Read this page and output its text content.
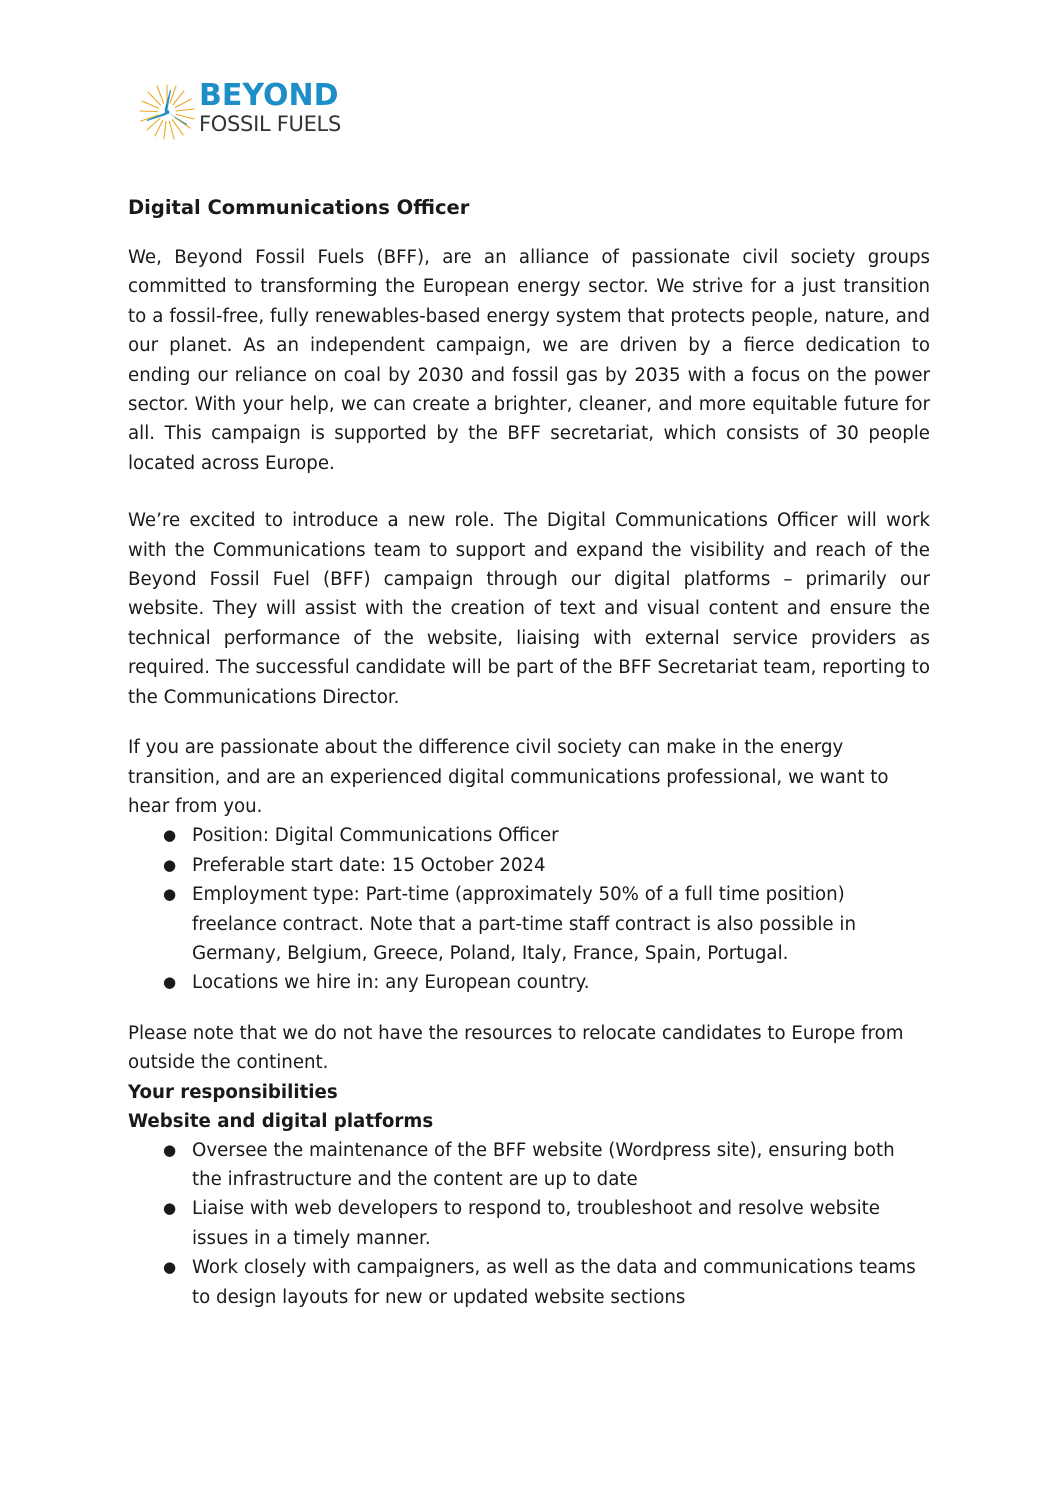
BEYOND
FOSSIL FUELS
Digital Communications Officer

We, Beyond Fossil Fuels (BFF), are an alliance of passionate civil society groups committed to transforming the European energy sector. We strive for a just transition to a fossil-free, fully renewables-based energy system that protects people, nature, and our planet. As an independent campaign, we are driven by a fierce dedication to ending our reliance on coal by 2030 and fossil gas by 2035 with a focus on the power sector. With your help, we can create a brighter, cleaner, and more equitable future for all. This campaign is supported by the BFF secretariat, which consists of 30 people located across Europe.

We’re excited to introduce a new role. The Digital Communications Officer will work with the Communications team to support and expand the visibility and reach of the Beyond Fossil Fuel (BFF) campaign through our digital platforms – primarily our website. They will assist with the creation of text and visual content and ensure the technical performance of the website, liaising with external service providers as required. The successful candidate will be part of the BFF Secretariat team, reporting to the Communications Director.

If you are passionate about the difference civil society can make in the energy transition, and are an experienced digital communications professional, we want to hear from you.

● Position: Digital Communications Officer
● Preferable start date: 15 October 2024
● Employment type: Part-time (approximately 50% of a full time position) freelance contract. Note that a part-time staff contract is also possible in Germany, Belgium, Greece, Poland, Italy, France, Spain, Portugal.
● Locations we hire in: any European country.

Please note that we do not have the resources to relocate candidates to Europe from outside the continent.

Your responsibilities
Website and digital platforms
● Oversee the maintenance of the BFF website (Wordpress site), ensuring both the infrastructure and the content are up to date
● Liaise with web developers to respond to, troubleshoot and resolve website issues in a timely manner.
● Work closely with campaigners, as well as the data and communications teams to design layouts for new or updated website sections
